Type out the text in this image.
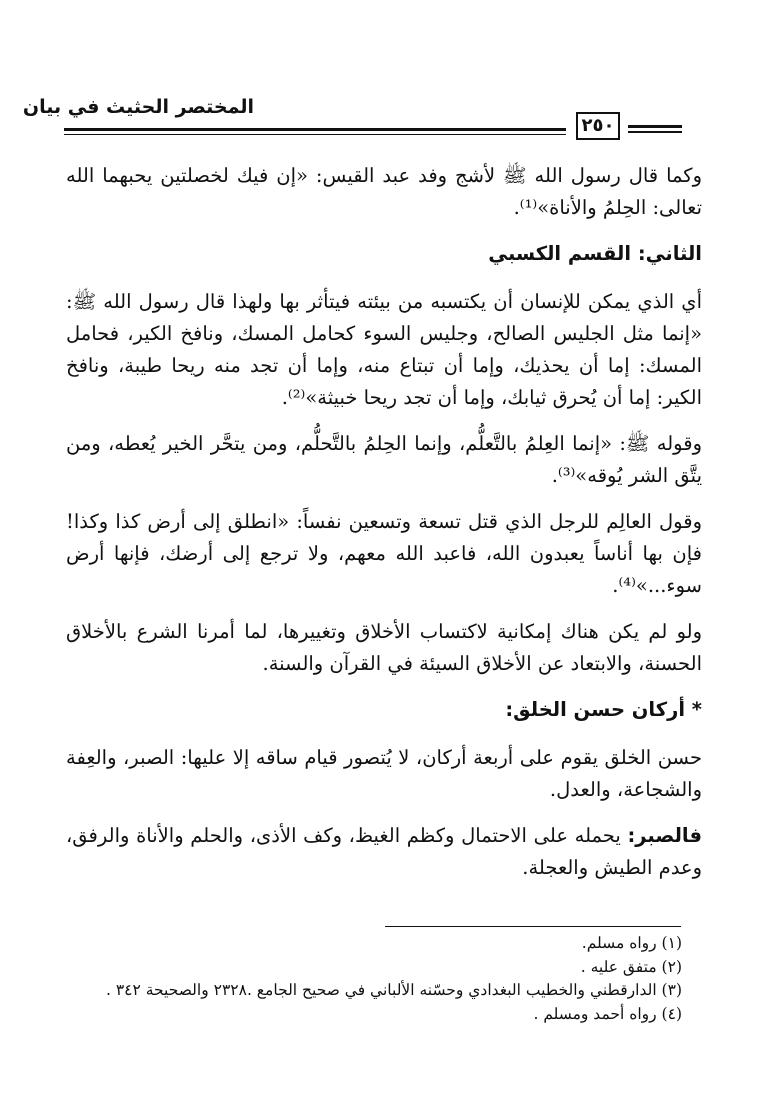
المختصر الحثيث في بيان
٢٥٠

وكما قال رسول الله ﷺ لأشج وفد عبد القيس: «إن فيك لخصلتين يحبهما الله تعالى: الحِلمُ والأناة»⁽¹⁾.

الثاني: القسم الكسبي

أي الذي يمكن للإنسان أن يكتسبه من بيئته فيتأثر بها ولهذا قال رسول الله ﷺ: «إنما مثل الجليس الصالح، وجليس السوء كحامل المسك، ونافخ الكير، فحامل المسك: إما أن يحذيك، وإما أن تبتاع منه، وإما أن تجد منه ريحا طيبة، ونافخ الكير: إما أن يُحرق ثيابك، وإما أن تجد ريحا خبيثة»⁽²⁾.

وقوله ﷺ: «إنما العِلمُ بالتَّعلُّم، وإنما الحِلمُ بالتَّحلُّم، ومن يتحَّر الخير يُعطه، ومن يتَّق الشر يُوقه»⁽³⁾.

وقول العالِم للرجل الذي قتل تسعة وتسعين نفساً: «انطلق إلى أرض كذا وكذا! فإن بها أناساً يعبدون الله، فاعبد الله معهم، ولا ترجع إلى أرضك، فإنها أرض سوء...»⁽⁴⁾.

ولو لم يكن هناك إمكانية لاكتساب الأخلاق وتغييرها، لما أمرنا الشرع بالأخلاق الحسنة، والابتعاد عن الأخلاق السيئة في القرآن والسنة.

* أركان حسن الخلق:

حسن الخلق يقوم على أربعة أركان، لا يُتصور قيام ساقه إلا عليها: الصبر، والعِفة والشجاعة، والعدل.

فالصبر: يحمله على الاحتمال وكظم الغيظ، وكف الأذى، والحلم والأناة والرفق، وعدم الطيش والعجلة.

(١) رواه مسلم.
(٢) متفق عليه .
(٣) الدارقطني والخطيب البغدادي وحسّنه الألباني في صحيح الجامع .٢٣٢٨ والصحيحة ٣٤٢ .
(٤) رواه أحمد ومسلم .
